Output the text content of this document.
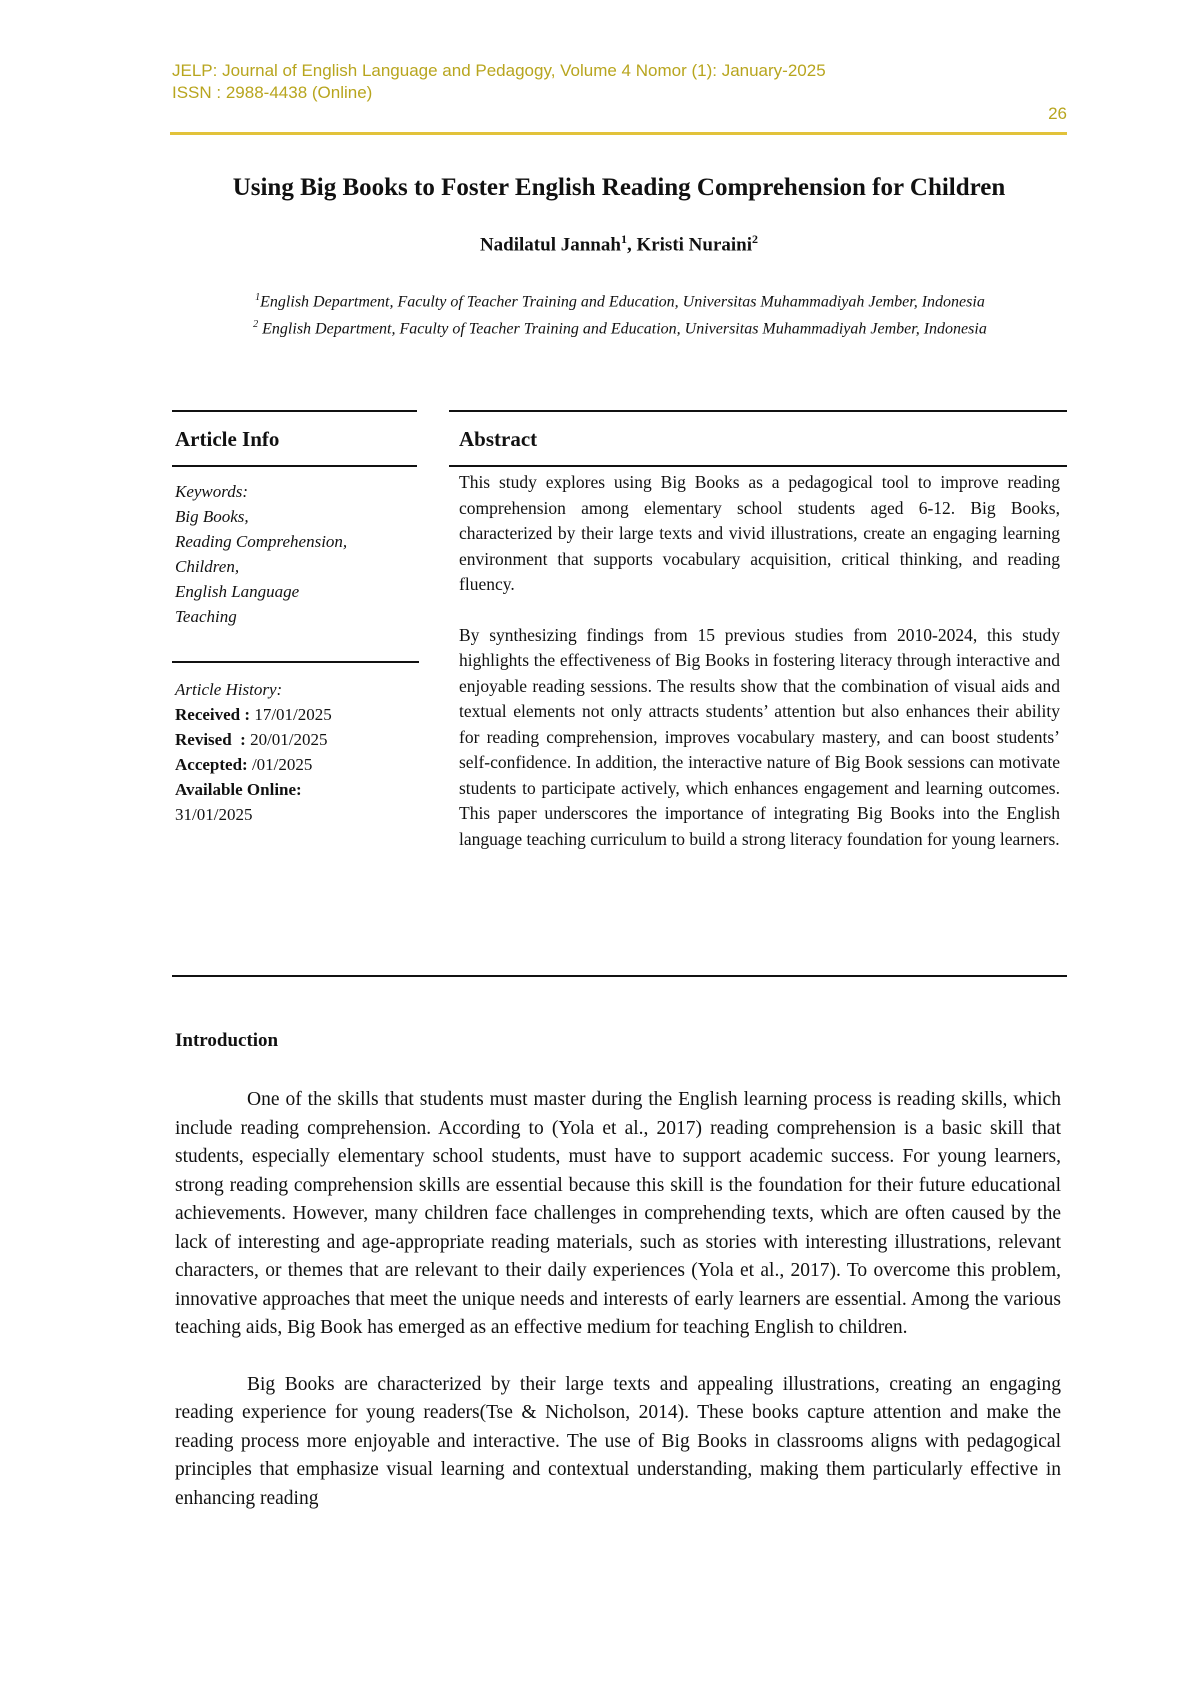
JELP: Journal of English Language and Pedagogy, Volume 4 Nomor (1): January-2025
ISSN : 2988-4438 (Online)
26
Using Big Books to Foster English Reading Comprehension for Children
Nadilatul Jannah$^1$, Kristi Nuraini$^2$
$^1$English Department, Faculty of Teacher Training and Education, Universitas Muhammadiyah Jember, Indonesia
$^2$ English Department, Faculty of Teacher Training and Education, Universitas Muhammadiyah Jember, Indonesia
Article Info	Abstract
Keywords:
Big Books,
Reading Comprehension,
Children,
English Language
Teaching
Article History:
Received : 17/01/2025
Revised  : 20/01/2025
Accepted: /01/2025
Available Online:
31/01/2025

This study explores using Big Books as a pedagogical tool to improve reading comprehension among elementary school students aged 6-12. Big Books, characterized by their large texts and vivid illustrations, create an engaging learning environment that supports vocabulary acquisition, critical thinking, and reading fluency.

By synthesizing findings from 15 previous studies from 2010-2024, this study highlights the effectiveness of Big Books in fostering literacy through interactive and enjoyable reading sessions. The results show that the combination of visual aids and textual elements not only attracts students’ attention but also enhances their ability for reading comprehension, improves vocabulary mastery, and can boost students’ self-confidence. In addition, the interactive nature of Big Book sessions can motivate students to participate actively, which enhances engagement and learning outcomes. This paper underscores the importance of integrating Big Books into the English language teaching curriculum to build a strong literacy foundation for young learners.

Introduction

One of the skills that students must master during the English learning process is reading skills, which include reading comprehension. According to (Yola et al., 2017) reading comprehension is a basic skill that students, especially elementary school students, must have to support academic success. For young learners, strong reading comprehension skills are essential because this skill is the foundation for their future educational achievements. However, many children face challenges in comprehending texts, which are often caused by the lack of interesting and age-appropriate reading materials, such as stories with interesting illustrations, relevant characters, or themes that are relevant to their daily experiences (Yola et al., 2017). To overcome this problem, innovative approaches that meet the unique needs and interests of early learners are essential. Among the various teaching aids, Big Book has emerged as an effective medium for teaching English to children.

Big Books are characterized by their large texts and appealing illustrations, creating an engaging reading experience for young readers(Tse & Nicholson, 2014). These books capture attention and make the reading process more enjoyable and interactive. The use of Big Books in classrooms aligns with pedagogical principles that emphasize visual learning and contextual understanding, making them particularly effective in enhancing reading
